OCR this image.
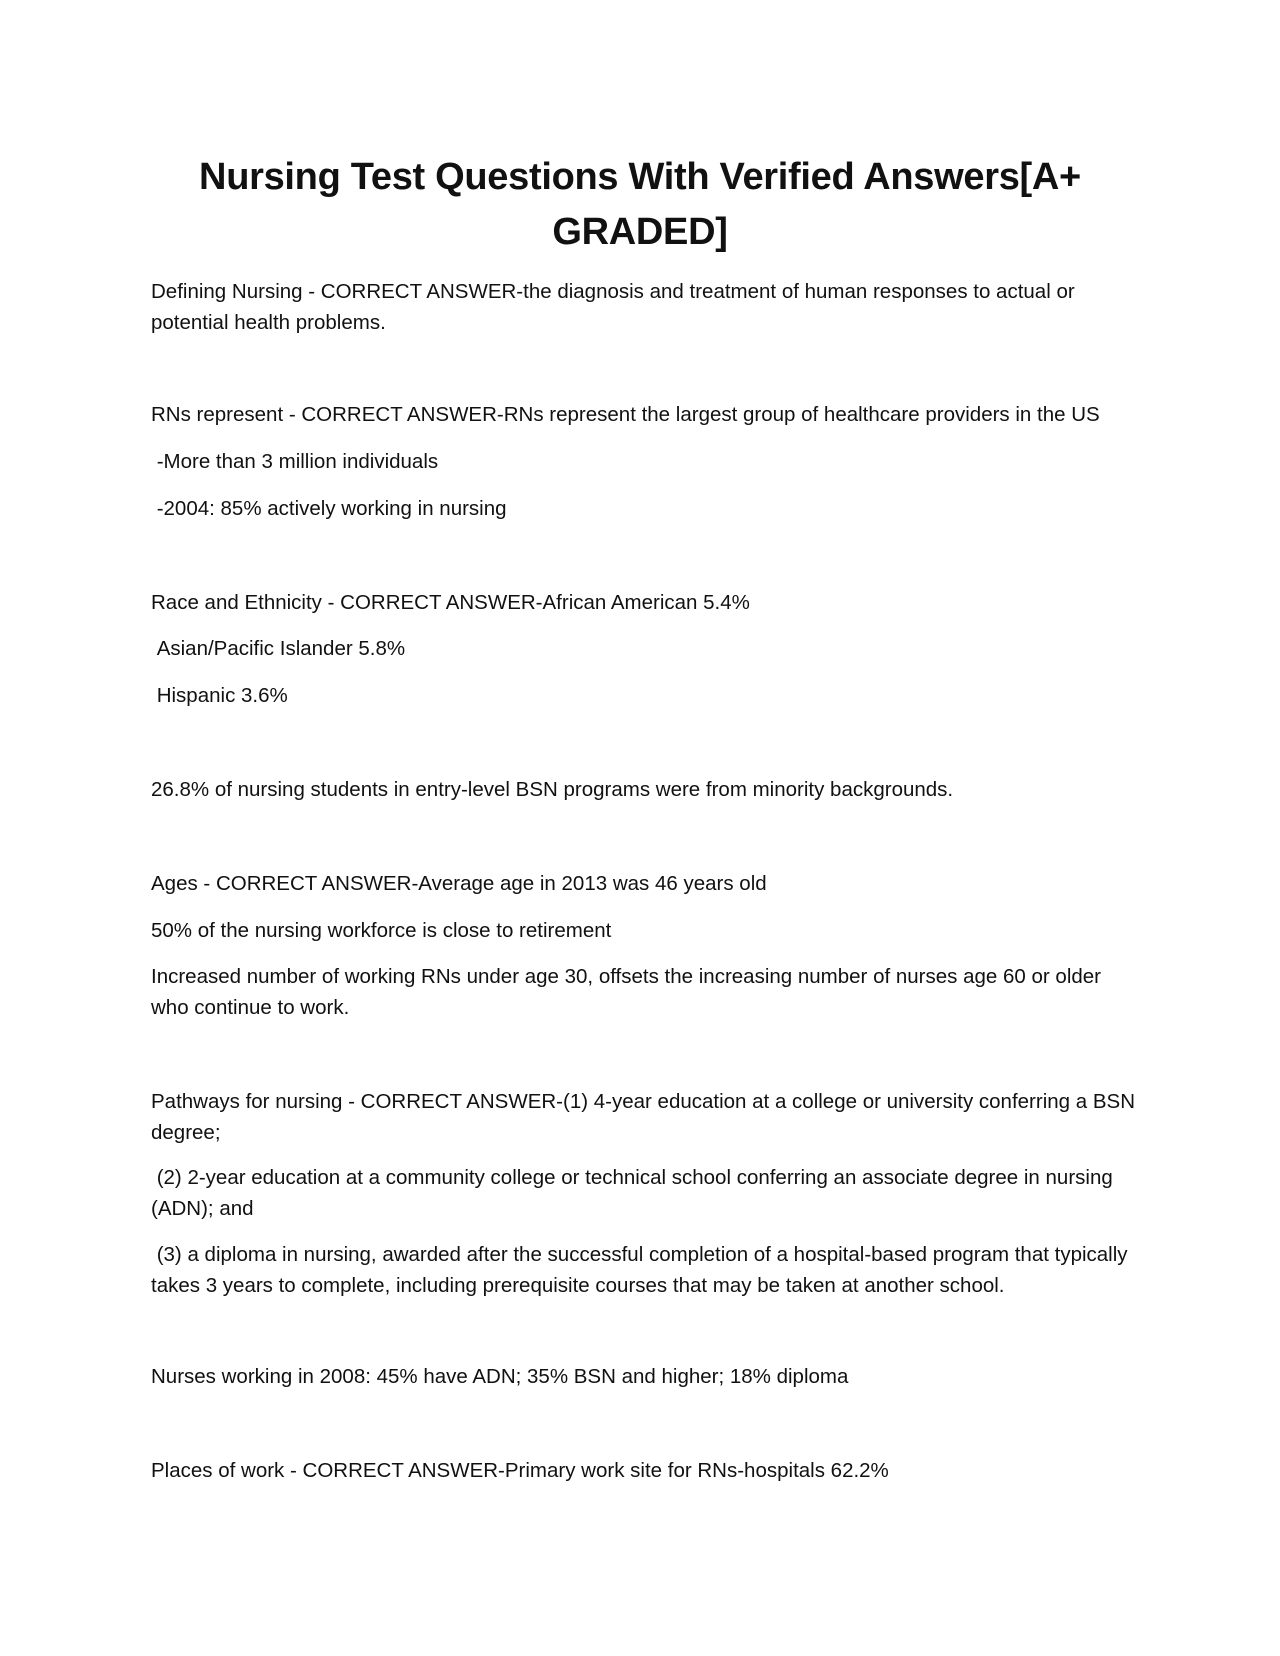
Nursing Test Questions With Verified Answers[A+ GRADED]

Defining Nursing - CORRECT ANSWER-the diagnosis and treatment of human responses to actual or potential health problems.

RNs represent - CORRECT ANSWER-RNs represent the largest group of healthcare providers in the US

-More than 3 million individuals

-2004: 85% actively working in nursing

Race and Ethnicity - CORRECT ANSWER-African American 5.4%

Asian/Pacific Islander 5.8%

Hispanic 3.6%

26.8% of nursing students in entry-level BSN programs were from minority backgrounds.

Ages - CORRECT ANSWER-Average age in 2013 was 46 years old

50% of the nursing workforce is close to retirement

Increased number of working RNs under age 30, offsets the increasing number of nurses age 60 or older who continue to work.

Pathways for nursing - CORRECT ANSWER-(1) 4-year education at a college or university conferring a BSN degree;

(2) 2-year education at a community college or technical school conferring an associate degree in nursing (ADN); and

(3) a diploma in nursing, awarded after the successful completion of a hospital-based program that typically takes 3 years to complete, including prerequisite courses that may be taken at another school.

Nurses working in 2008: 45% have ADN; 35% BSN and higher; 18% diploma

Places of work - CORRECT ANSWER-Primary work site for RNs-hospitals 62.2%
